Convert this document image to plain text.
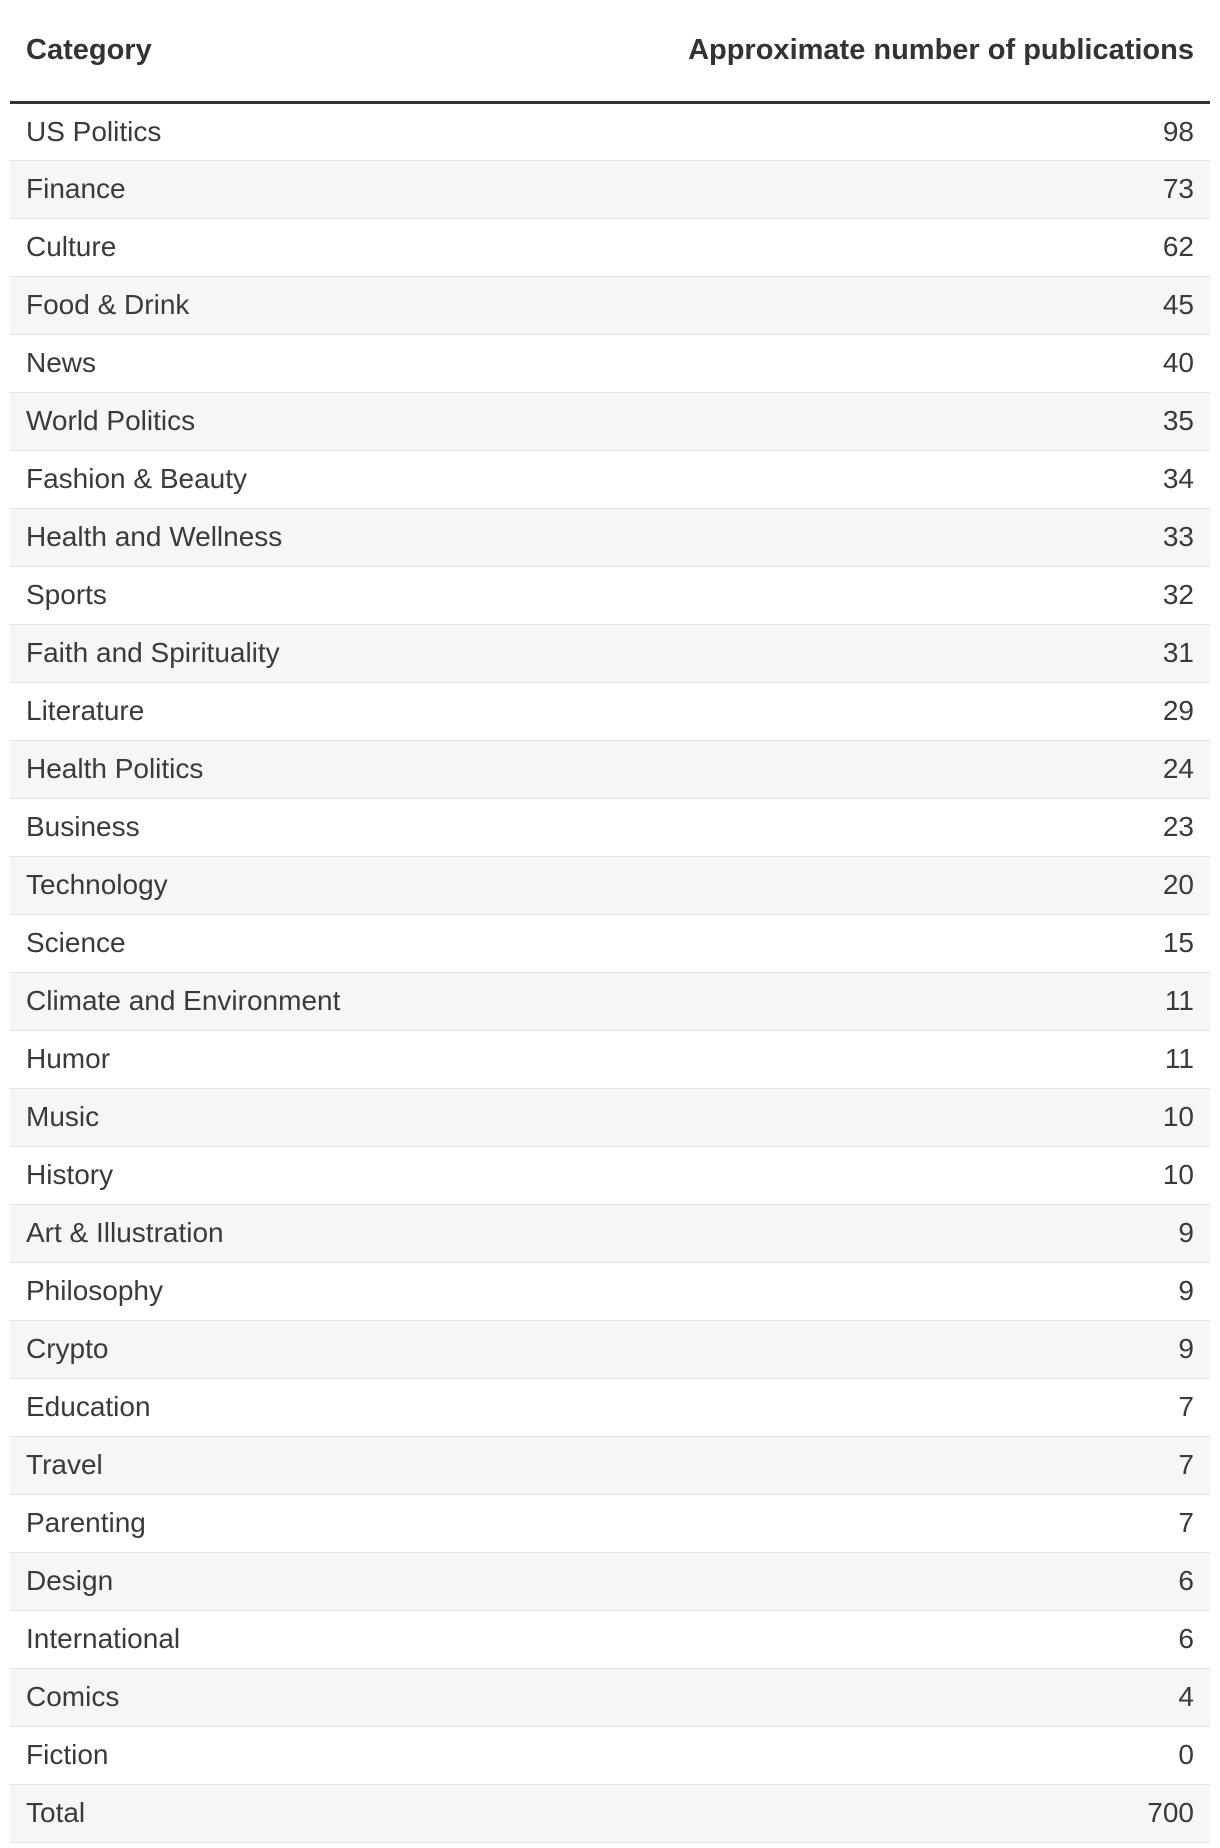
Category	Approximate number of publications
US Politics	98
Finance	73
Culture	62
Food & Drink	45
News	40
World Politics	35
Fashion & Beauty	34
Health and Wellness	33
Sports	32
Faith and Spirituality	31
Literature	29
Health Politics	24
Business	23
Technology	20
Science	15
Climate and Environment	11
Humor	11
Music	10
History	10
Art & Illustration	9
Philosophy	9
Crypto	9
Education	7
Travel	7
Parenting	7
Design	6
International	6
Comics	4
Fiction	0
Total	700
